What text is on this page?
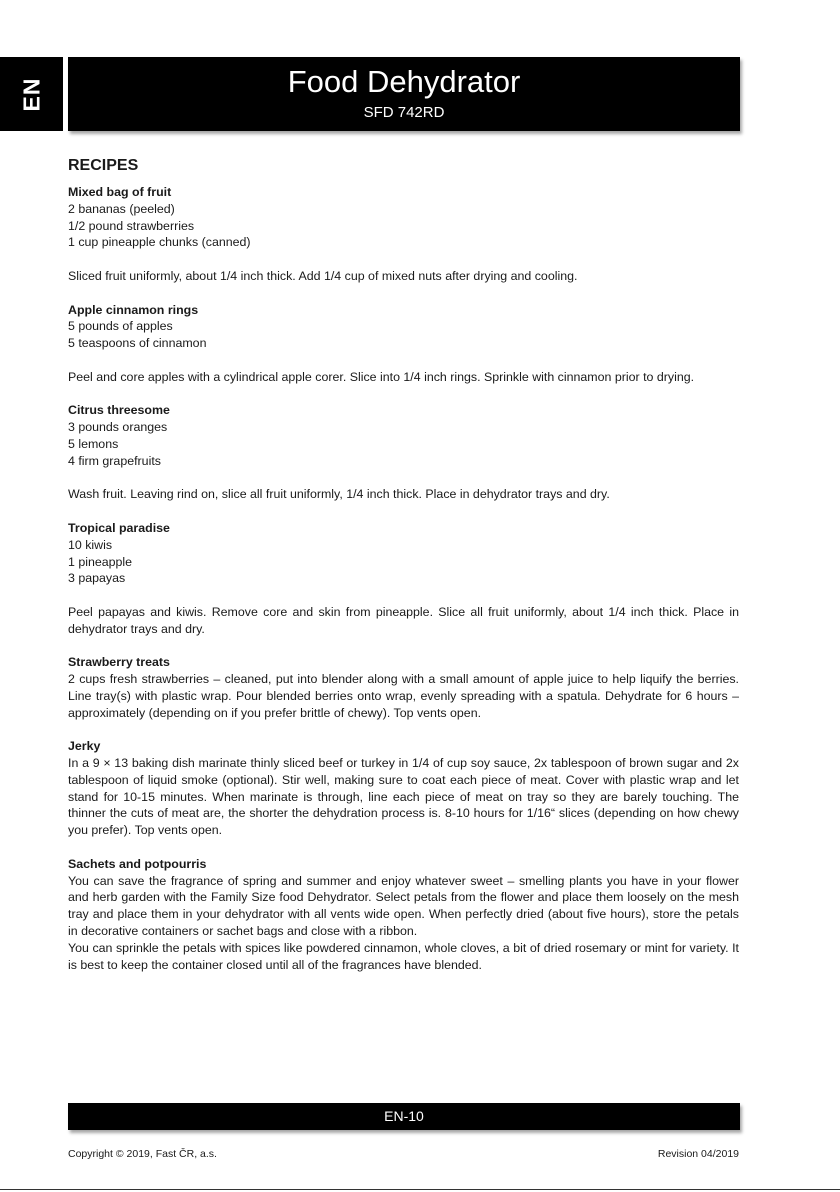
EN	Food Dehydrator
SFD 742RD
RECIPES
Mixed bag of fruit
2 bananas (peeled)
1/2 pound strawberries
1 cup pineapple chunks (canned)
Sliced fruit uniformly, about 1/4 inch thick. Add 1/4 cup of mixed nuts after drying and cooling.
Apple cinnamon rings
5 pounds of apples
5 teaspoons of cinnamon
Peel and core apples with a cylindrical apple corer. Slice into 1/4 inch rings. Sprinkle with cinnamon prior to drying.
Citrus threesome
3 pounds oranges
5 lemons
4 firm grapefruits
Wash fruit. Leaving rind on, slice all fruit uniformly, 1/4 inch thick. Place in dehydrator trays and dry.
Tropical paradise
10 kiwis
1 pineapple
3 papayas
Peel papayas and kiwis. Remove core and skin from pineapple. Slice all fruit uniformly, about 1/4 inch thick. Place in dehydrator trays and dry.
Strawberry treats
2 cups fresh strawberries – cleaned, put into blender along with a small amount of apple juice to help liquify the berries. Line tray(s) with plastic wrap. Pour blended berries onto wrap, evenly spreading with a spatula. Dehydrate for 6 hours – approximately (depending on if you prefer brittle of chewy). Top vents open.
Jerky
In a 9 × 13 baking dish marinate thinly sliced beef or turkey in 1/4 of cup soy sauce, 2x tablespoon of brown sugar and 2x tablespoon of liquid smoke (optional). Stir well, making sure to coat each piece of meat. Cover with plastic wrap and let stand for 10-15 minutes. When marinate is through, line each piece of meat on tray so they are barely touching. The thinner the cuts of meat are, the shorter the dehydration process is. 8-10 hours for 1/16“ slices (depending on how chewy you prefer). Top vents open.
Sachets and potpourris
You can save the fragrance of spring and summer and enjoy whatever sweet – smelling plants you have in your flower and herb garden with the Family Size food Dehydrator. Select petals from the flower and place them loosely on the mesh tray and place them in your dehydrator with all vents wide open. When perfectly dried (about five hours), store the petals in decorative containers or sachet bags and close with a ribbon.
You can sprinkle the petals with spices like powdered cinnamon, whole cloves, a bit of dried rosemary or mint for variety. It is best to keep the container closed until all of the fragrances have blended.
EN-10
Copyright © 2019, Fast ČR, a.s.	Revision 04/2019
